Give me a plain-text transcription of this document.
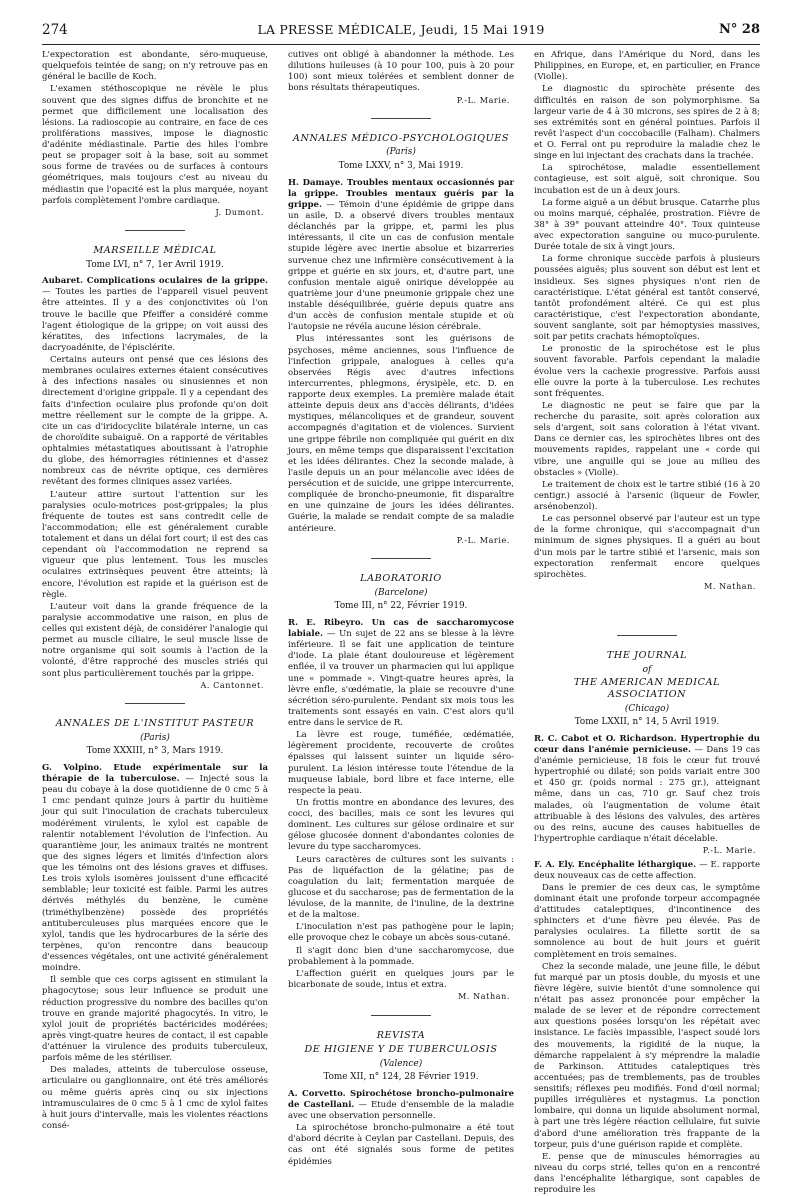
274	LA PRESSE MÉDICALE, Jeudi, 15 Mai 1919	N° 28

L'expectoration est abondante, séro-muqueuse, quelquefois teintée de sang; on n'y retrouve pas en général le bacille de Koch.

L'examen stéthoscopique ne révèle le plus souvent que des signes diffus de bronchite et ne permet que difficilement une localisation des lésions. La radioscopie au contraire, en face de ces proliférations massives, impose le diagnostic d'adénite médiastinale. Partie des hiles l'ombre peut se propager soit à la base, soit au sommet sous forme de travées ou de surfaces à contours géométriques, mais toujours c'est au niveau du médiastin que l'opacité est la plus marquée, noyant parfois complètement l'ombre cardiaque.

J. Dumont.
MARSEILLE MÉDICAL
Tome LVI, n° 7, 1er Avril 1919.

Aubaret. Complications oculaires de la grippe. — Toutes les parties de l'appareil visuel peuvent être atteintes. Il y a des conjonctivites où l'on trouve le bacille que Pfeiffer a considéré comme l'agent étiologique de la grippe; on voit aussi des kératites, des infections lacrymales, de la dacryoadénite, de l'épisclérite.

Certains auteurs ont pensé que ces lésions des membranes oculaires externes étaient consécutives à des infections nasales ou sinusiennes et non directement d'origine grippale. Il y a cependant des faits d'infection oculaire plus profonde qu'on doit mettre réellement sur le compte de la grippe. A. cite un cas d'iridocyclite bilatérale interne, un cas de choroïdite subaiguë. On a rapporté de véritables ophtalmies métastatiques aboutissant à l'atrophie du globe, des hémorragies rétiniennes et d'assez nombreux cas de névrite optique, ces dernières revêtant des formes cliniques assez variées.

L'auteur attire surtout l'attention sur les paralysies oculo-motrices post-grippales; la plus fréquente de toutes est sans contredit celle de l'accommodation; elle est généralement curable totalement et dans un délai fort court; il est des cas cependant où l'accommodation ne reprend sa vigueur que plus lentement. Tous les muscles oculaires extrinsèques peuvent être atteints; là encore, l'évolution est rapide et la guérison est de règle.

L'auteur voit dans la grande fréquence de la paralysie accommodative une raison, en plus de celles qui existent déjà, de considérer l'analogie qui permet au muscle ciliaire, le seul muscle lisse de notre organisme qui soit soumis à l'action de la volonté, d'être rapproché des muscles striés qui sont plus particulièrement touchés par la grippe.

A. Cantonnet.
ANNALES DE L'INSTITUT PASTEUR
(Paris)
Tome XXXIII, n° 3, Mars 1919.

G. Volpino. Etude expérimentale sur la thérapie de la tuberculose. — Injecté sous la peau du cobaye à la dose quotidienne de 0 cmc 5 à 1 cmc pendant quinze jours à partir du huitième jour qui suit l'inoculation de crachats tuberculeux modérément virulents, le xylol est capable de ralentir notablement l'évolution de l'infection. Au quarantième jour, les animaux traités ne montrent que des signes légers et limités d'infection alors que les témoins ont des lésions graves et diffuses. Les trois xylols isomères jouissent d'une efficacité semblable; leur toxicité est faible. Parmi les autres dérivés méthylés du benzène, le cumène (triméthylbenzène) possède des propriétés antituberculeuses plus marquées encore que le xylol, tandis que les hydrocarbures de la série des terpènes, qu'on rencontre dans beaucoup d'essences végétales, ont une activité généralement moindre.

Il semble que ces corps agissent en stimulant la phagocytose; sous leur influence se produit une réduction progressive du nombre des bacilles qu'on trouve en grande majorité phagocytés. In vitro, le xylol jouit de propriétés bactéricides modérées; après vingt-quatre heures de contact, il est capable d'atténuer la virulence des produits tuberculeux, parfois même de les stériliser.

Des malades, atteints de tuberculose osseuse, articulaire ou ganglionnaire, ont été très améliorés ou même guéris après cinq ou six injections intramusculaires de 0 cmc 5 à 1 cmc de xylol faites à huit jours d'intervalle, mais les violentes réactions consé-

cutives ont obligé à abandonner la méthode. Les dilutions huileuses (à 10 pour 100, puis à 20 pour 100) sont mieux tolérées et semblent donner de bons résultats thérapeutiques.

P.-L. Marie.
ANNALES MÉDICO-PSYCHOLOGIQUES
(Paris)
Tome LXXV, n° 3, Mai 1919.

H. Damaye. Troubles mentaux occasionnés par la grippe. Troubles mentaux guéris par la grippe. — Témoin d'une épidémie de grippe dans un asile, D. a observé divers troubles mentaux déclanchés par la grippe, et, parmi les plus intéressants, il cite un cas de confusion mentale stupide légère avec inertie absolue et bizarreries survenue chez une infirmière consécutivement à la grippe et guérie en six jours, et, d'autre part, une confusion mentale aiguë onirique développée au quatrième jour d'une pneumonie grippale chez une instable déséquilibrée, guérie depuis quatre ans d'un accès de confusion mentale stupide et où l'autopsie ne révéla aucune lésion cérébrale.

Plus intéressantes sont les guérisons de psychoses, même anciennes, sous l'influence de l'infection grippale, analogues à celles qu'a observées Régis avec d'autres infections intercurrentes, phlegmons, érysipèle, etc. D. en rapporte deux exemples. La première malade était atteinte depuis deux ans d'accès délirants, d'idées mystiques, mélancoliques et de grandeur, souvent accompagnés d'agitation et de violences. Survient une grippe fébrile non compliquée qui guérit en dix jours, en même temps que disparaissent l'excitation et les idées délirantes. Chez la seconde malade, à l'asile depuis un an pour mélancolie avec idées de persécution et de suicide, une grippe intercurrente, compliquée de broncho-pneumonie, fit disparaître en une quinzaine de jours les idées délirantes. Guérie, la malade se rendait compte de sa maladie antérieure.

P.-L. Marie.
LABORATORIO
(Barcelone)
Tome III, n° 22, Février 1919.

R. E. Ribeyro. Un cas de saccharomycose labiale. — Un sujet de 22 ans se blesse à la lèvre inférieure. Il se fait une application de teinture d'iode. La plaie étant douloureuse et légèrement enflée, il va trouver un pharmacien qui lui applique une « pommade ». Vingt-quatre heures après, la lèvre enfle, s'œdématie, la plaie se recouvre d'une sécrétion séro-purulente. Pendant six mois tous les traitements sont essayés en vain. C'est alors qu'il entre dans le service de R.

La lèvre est rouge, tuméfiée, œdématiée, légèrement procidente, recouverte de croûtes épaisses qui laissent suinter un liquide séro-purulent. La lésion intéresse toute l'étendue de la muqueuse labiale, bord libre et face interne, elle respecte la peau.

Un frottis montre en abondance des levures, des cocci, des bacilles, mais ce sont les levures qui dominent. Les cultures sur gélose ordinaire et sur gélose glucosée donnent d'abondantes colonies de levure du type saccharomyces.

Leurs caractères de cultures sont les suivants : Pas de liquéfaction de la gélatine; pas de coagulation du lait; fermentation marquée de glucose et du saccharose; pas de fermentation de la lévulose, de la mannite, de l'inuline, de la dextrine et de la maltose.

L'inoculation n'est pas pathogène pour le lapin; elle provoque chez le cobaye un abcès sous-cutané.

Il s'agit donc bien d'une saccharomycose, due probablement à la pommade.

L'affection guérit en quelques jours par le bicarbonate de soude, intus et extra.

M. Nathan.
REVISTA
DE HIGIENE Y DE TUBERCULOSIS
(Valence)
Tome XII, n° 124, 28 Février 1919.

A. Corvetto. Spirochétose broncho-pulmonaire de Castellani. — Etude d'ensemble de la maladie avec une observation personnelle.

La spirochétose broncho-pulmonaire a été tout d'abord décrite à Ceylan par Castellani. Depuis, des cas ont été signalés sous forme de petites épidémies

en Afrique, dans l'Amérique du Nord, dans les Philippines, en Europe, et, en particulier, en France (Violle).

Le diagnostic du spirochète présente des difficultés en raison de son polymorphisme. Sa largeur varie de 4 à 30 microns, ses spires de 2 à 8; ses extrémités sont en général pointues. Parfois il revêt l'aspect d'un coccobacille (Falham). Chalmers et O. Ferral ont pu reproduire la maladie chez le singe en lui injectant des crachats dans la trachée.

La spirochétose, maladie essentiellement contagieuse, est soit aiguë, soit chronique. Sou incubation est de un à deux jours.

La forme aiguë a un début brusque. Catarrhe plus ou moins marqué, céphalée, prostration. Fièvre de 38° à 39° pouvant atteindre 40°. Toux quinteuse avec expectoration sanguine ou muco-purulente. Durée totale de six à vingt jours.

La forme chronique succède parfois à plusieurs poussées aiguës; plus souvent son début est lent et insidieux. Ses signes physiques n'ont rien de caractéristique. L'état général est tantôt conservé, tantôt profondément altéré. Ce qui est plus caractéristique, c'est l'expectoration abondante, souvent sanglante, soit par hémoptysies massives, soit par petits crachats hémoptoïques.

Le pronostic de la spirochétose est le plus souvent favorable. Parfois cependant la maladie évolue vers la cachexie progressive. Parfois aussi elle ouvre la porte à la tuberculose. Les rechutes sont fréquentes.

Le diagnostic ne peut se faire que par la recherche du parasite, soit après coloration aux sels d'argent, soit sans coloration à l'état vivant. Dans ce dernier cas, les spirochètes libres ont des mouvements rapides, rappelant une « corde qui vibre, une anguille qui se joue au milieu des obstacles » (Violle).

Le traitement de choix est le tartre stibié (16 à 20 centigr.) associé à l'arsenic (liqueur de Fowler, arsénobenzol).

Le cas personnel observé par l'auteur est un type de la forme chronique, qui s'accompagnait d'un minimum de signes physiques. Il a guéri au bout d'un mois par le tartre stibié et l'arsenic, mais son expectoration renfermait encore quelques spirochètes.

M. Nathan.
THE JOURNAL
of
THE AMERICAN MEDICAL ASSOCIATION
(Chicago)
Tome LXXII, n° 14, 5 Avril 1919.

R. C. Cabot et O. Richardson. Hypertrophie du cœur dans l'anémie pernicieuse. — Dans 19 cas d'anémie pernicieuse, 18 fois le cœur fut trouvé hypertrophié ou dilaté; son poids variait entre 300 et 450 gr. (poids normal : 275 gr.), atteignant même, dans un cas, 710 gr. Sauf chez trois malades, où l'augmentation de volume était attribuable à des lésions des valvules, des artères ou des reins, aucune des causes habituelles de l'hypertrophie cardiaque n'était décelable.

P.-L. Marie.

F. A. Ely. Encéphalite léthargique. — E. rapporte deux nouveaux cas de cette affection.

Dans le premier de ces deux cas, le symptôme dominant était une profonde torpeur accompagnée d'attitudes cataleptiques, d'incontinence des sphincters et d'une fièvre peu élevée. Pas de paralysies oculaires. La fillette sortit de sa somnolence au bout de huit jours et guérit complètement en trois semaines.

Chez la seconde malade, une jeune fille, le début fut marqué par un ptosis double, du myosis et une fièvre légère, suivie bientôt d'une somnolence qui n'était pas assez prononcée pour empêcher la malade de se lever et de répondre correctement aux questions posées lorsqu'on les répétait avec insistance. Le faciès impassible, l'aspect soudé lors des mouvements, la rigidité de la nuque, la démarche rappelaient à s'y méprendre la maladie de Parkinson. Attitudes cataleptiques très accentuées; pas de tremblements, pas de troubles sensitifs; réflexes peu modifiés. Fond d'œil normal; pupilles irrégulières et nystagmus. La ponction lombaire, qui donna un liquide absolument normal, à part une très légère réaction cellulaire, fut suivie d'abord d'une amélioration très frappante de la torpeur, puis d'une guérison rapide et complète.

E. pense que de minuscules hémorragies au niveau du corps strié, telles qu'on en a rencontré dans l'encéphalite léthargique, sont capables de reproduire les
